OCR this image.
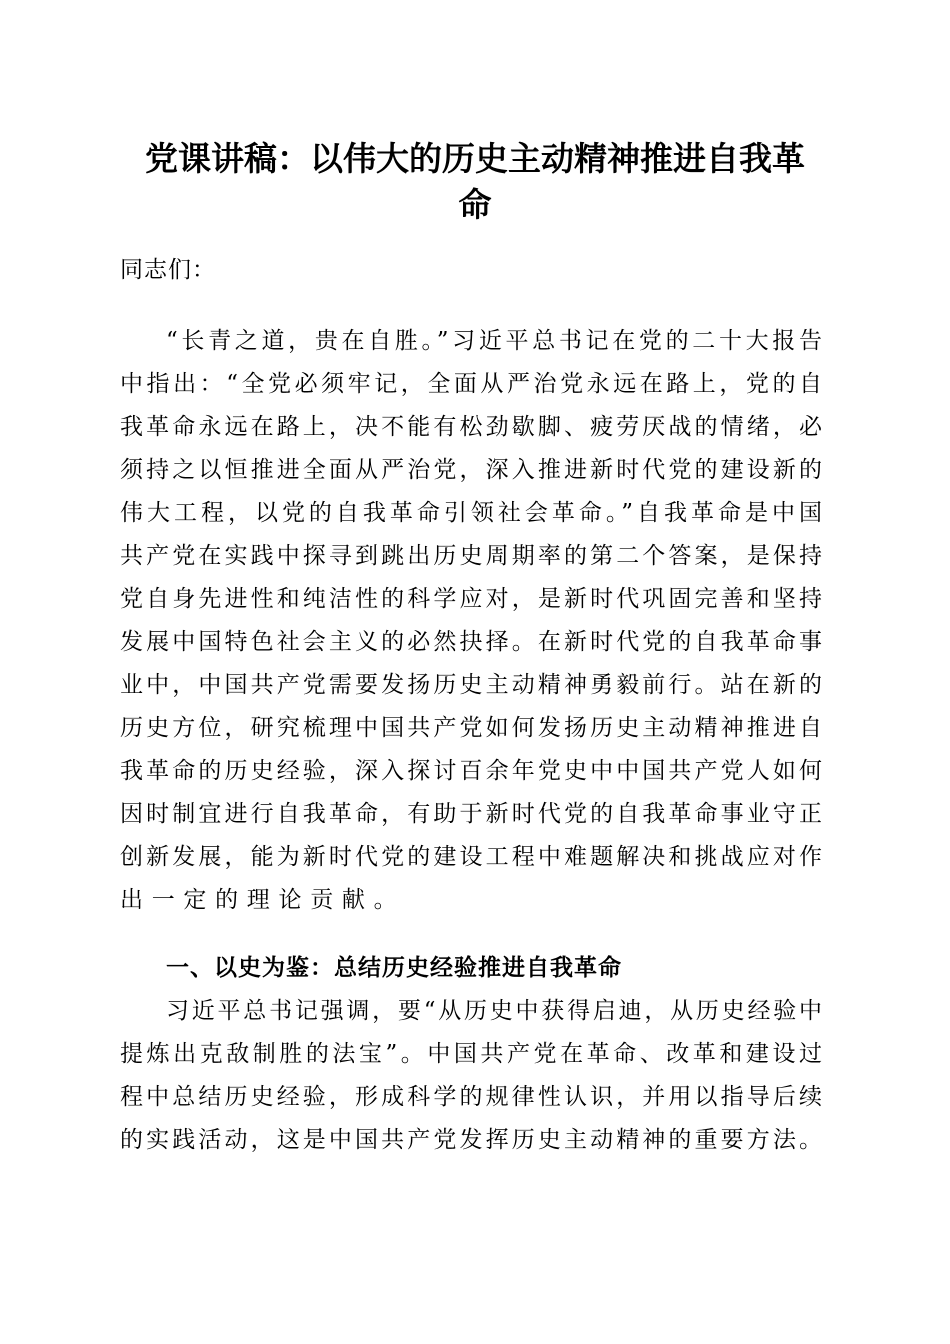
党课讲稿：以伟大的历史主动精神推进自我革
命
同志们：
“长青之道，贵在自胜。”习近平总书记在党的二十大报告
中指出：“全党必须牢记，全面从严治党永远在路上，党的自
我革命永远在路上，决不能有松劲歇脚、疲劳厌战的情绪，必
须持之以恒推进全面从严治党，深入推进新时代党的建设新的
伟大工程，以党的自我革命引领社会革命。”自我革命是中国
共产党在实践中探寻到跳出历史周期率的第二个答案，是保持
党自身先进性和纯洁性的科学应对，是新时代巩固完善和坚持
发展中国特色社会主义的必然抉择。在新时代党的自我革命事
业中，中国共产党需要发扬历史主动精神勇毅前行。站在新的
历史方位，研究梳理中国共产党如何发扬历史主动精神推进自
我革命的历史经验，深入探讨百余年党史中中国共产党人如何
因时制宜进行自我革命，有助于新时代党的自我革命事业守正
创新发展，能为新时代党的建设工程中难题解决和挑战应对作
出一定的理论贡献。
一、以史为鉴：总结历史经验推进自我革命
习近平总书记强调，要“从历史中获得启迪，从历史经验中
提炼出克敌制胜的法宝”。中国共产党在革命、改革和建设过
程中总结历史经验，形成科学的规律性认识，并用以指导后续
的实践活动，这是中国共产党发挥历史主动精神的重要方法。
